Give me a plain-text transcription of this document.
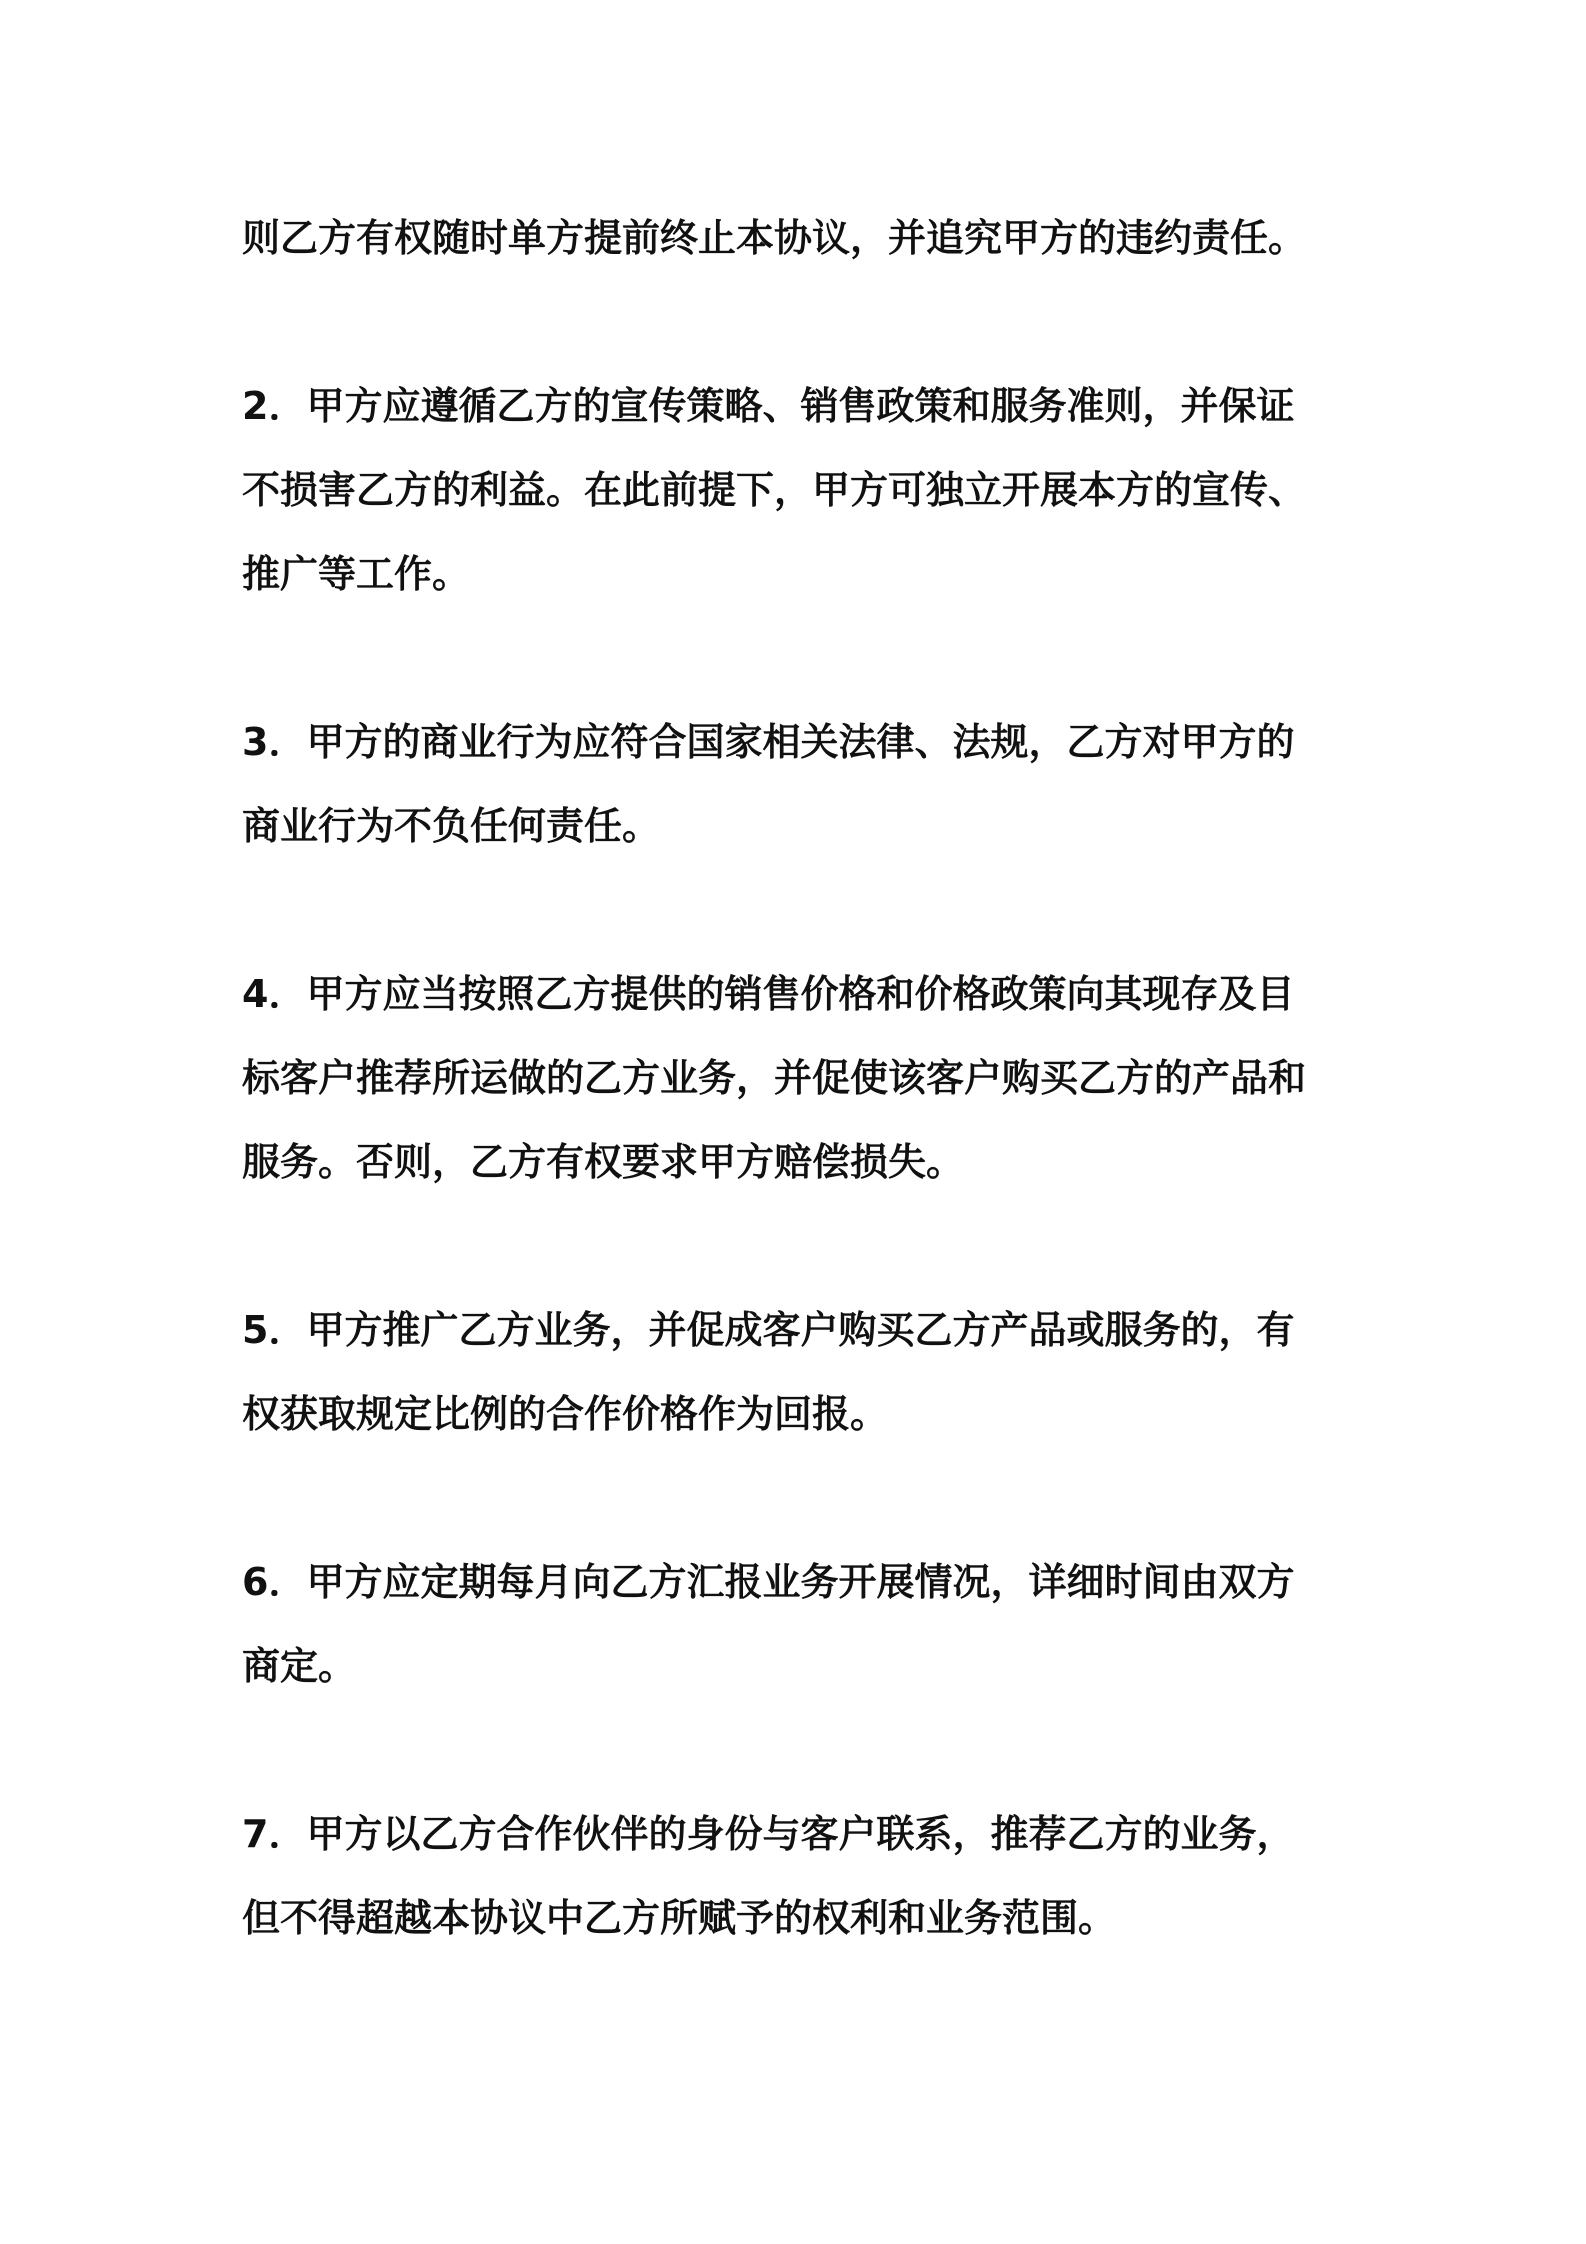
则乙方有权随时单方提前终止本协议，并追究甲方的违约责任。

2．甲方应遵循乙方的宣传策略、销售政策和服务准则，并保证
不损害乙方的利益。在此前提下，甲方可独立开展本方的宣传、
推广等工作。

3．甲方的商业行为应符合国家相关法律、法规，乙方对甲方的
商业行为不负任何责任。

4．甲方应当按照乙方提供的销售价格和价格政策向其现存及目
标客户推荐所运做的乙方业务，并促使该客户购买乙方的产品和
服务。否则，乙方有权要求甲方赔偿损失。

5．甲方推广乙方业务，并促成客户购买乙方产品或服务的，有
权获取规定比例的合作价格作为回报。

6．甲方应定期每月向乙方汇报业务开展情况，详细时间由双方
商定。

7．甲方以乙方合作伙伴的身份与客户联系，推荐乙方的业务，
但不得超越本协议中乙方所赋予的权利和业务范围。
